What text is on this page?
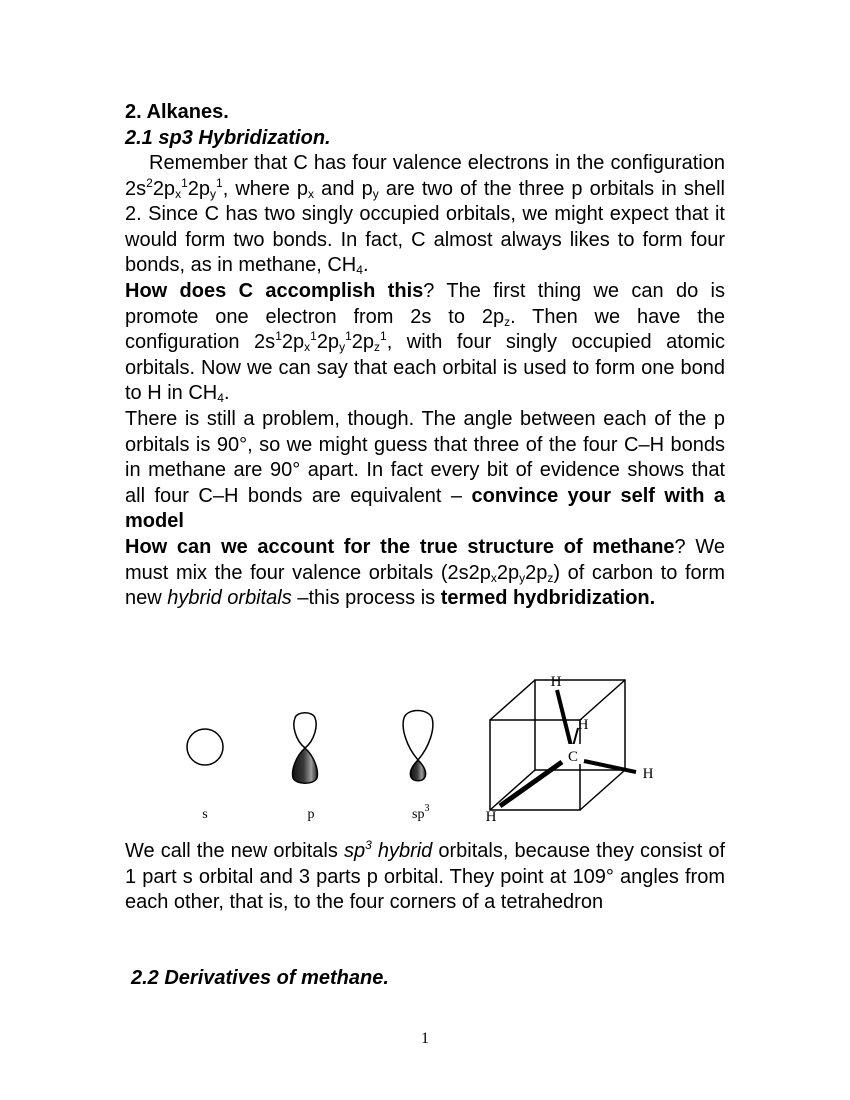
2. Alkanes.
2.1 sp3 Hybridization.

Remember that C has four valence electrons in the configuration $2s^22p_x^12p_y^1$, where $p_x$ and $p_y$ are two of the three p orbitals in shell 2. Since C has two singly occupied orbitals, we might expect that it would form two bonds. In fact, C almost always likes to form four bonds, as in methane, $CH_4$.

How does C accomplish this? The first thing we can do is promote one electron from 2s to $2p_z$. Then we have the configuration $2s^12p_x^12p_y^12p_z^1$, with four singly occupied atomic orbitals. Now we can say that each orbital is used to form one bond to H in $CH_4$.

There is still a problem, though. The angle between each of the p orbitals is 90°, so we might guess that three of the four C–H bonds in methane are 90° apart. In fact every bit of evidence shows that all four C–H bonds are equivalent – convince your self with a model

How can we account for the true structure of methane? We must mix the four valence orbitals $(2s2p_x2p_y2p_z)$ of carbon to form new hybrid orbitals –this process is termed hydbridization.

s	p	$sp^3$
H
H
C
H
H

We call the new orbitals $sp^3$ hybrid orbitals, because they consist of 1 part s orbital and 3 parts p orbital. They point at 109° angles from each other, that is, to the four corners of a tetrahedron

2.2 Derivatives of methane.
1
